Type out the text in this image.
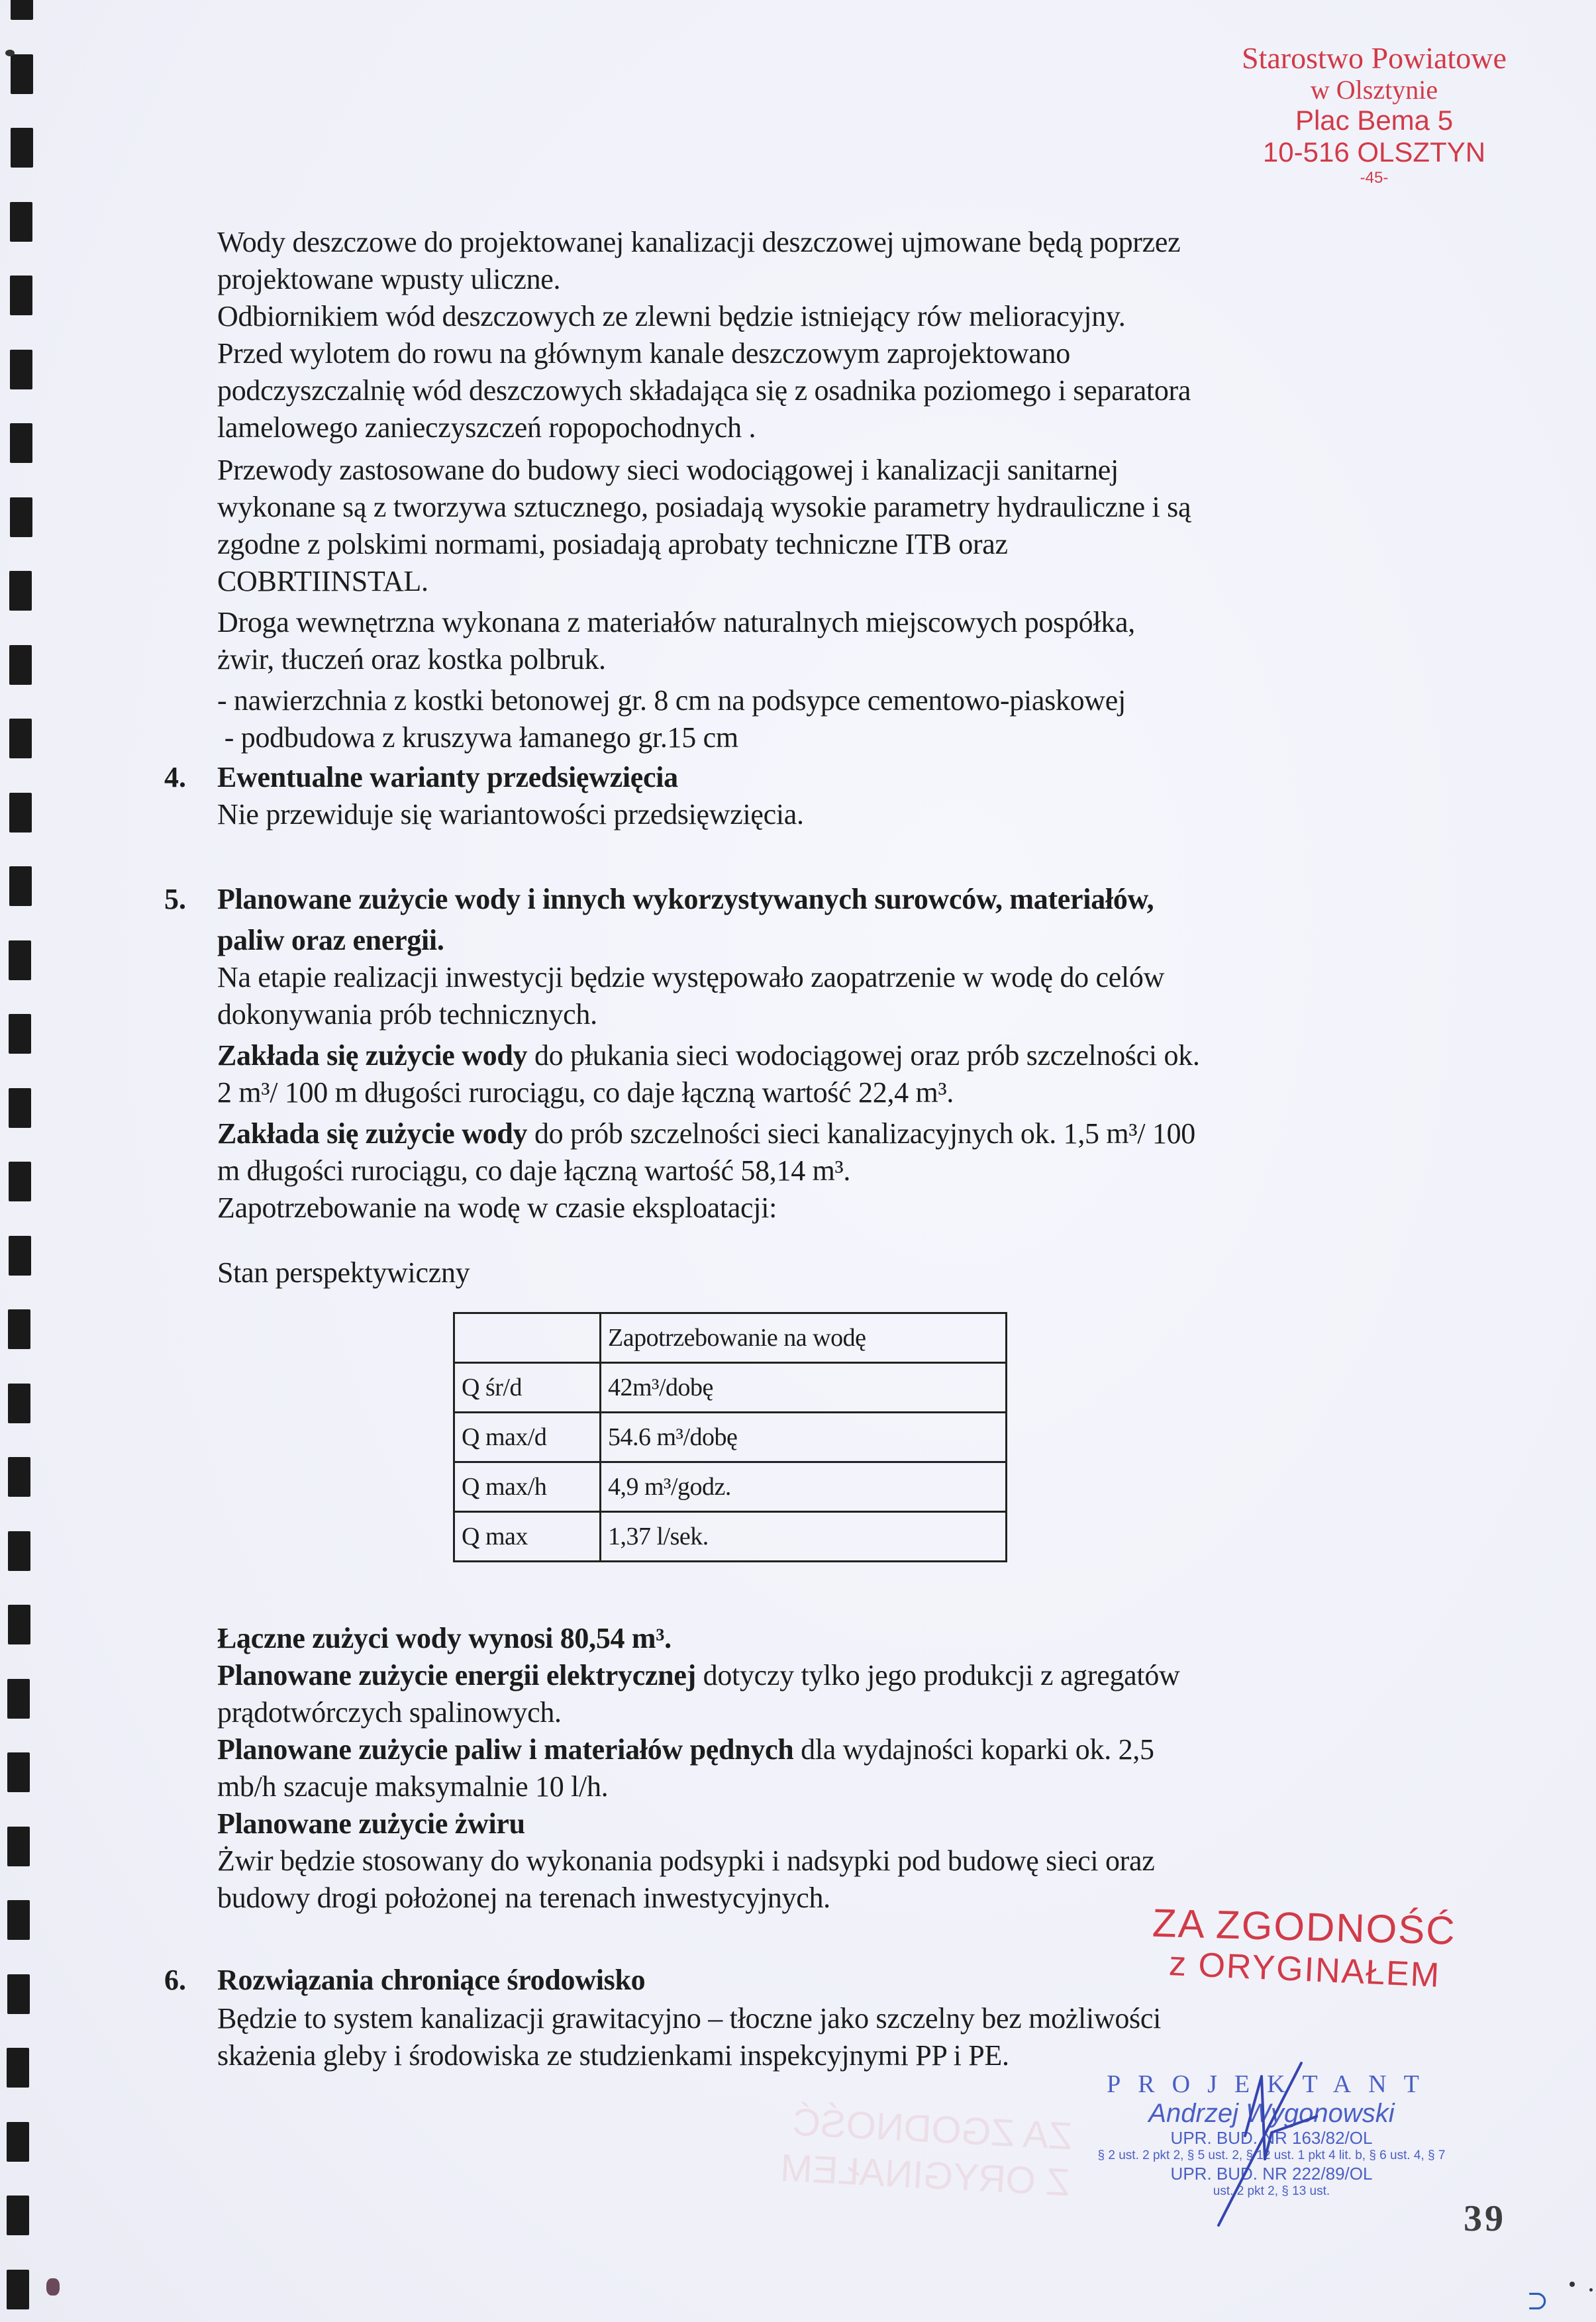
Starostwo Powiatowe
w Olsztynie
Plac Bema 5
10-516 OLSZTYN
-45-
Wody deszczowe do projektowanej kanalizacji deszczowej ujmowane będą poprzez
projektowane wpusty uliczne.
Odbiornikiem wód deszczowych ze zlewni będzie istniejący rów melioracyjny.
Przed wylotem do rowu na głównym kanale deszczowym zaprojektowano
podczyszczalnię wód deszczowych składająca się z osadnika poziomego i separatora
lamelowego zanieczyszczeń ropopochodnych .
Przewody zastosowane do budowy sieci wodociągowej i kanalizacji sanitarnej
wykonane są z tworzywa sztucznego, posiadają wysokie parametry hydrauliczne i są
zgodne z polskimi normami, posiadają aprobaty techniczne ITB oraz
COBRTIINSTAL.
Droga wewnętrzna wykonana z materiałów naturalnych miejscowych pospółka,
żwir, tłuczeń oraz kostka polbruk.
- nawierzchnia z kostki betonowej gr. 8 cm na podsypce cementowo-piaskowej
- podbudowa z kruszywa łamanego gr.15 cm
4. Ewentualne warianty przedsięwzięcia
Nie przewiduje się wariantowości przedsięwzięcia.
5. Planowane zużycie wody i innych wykorzystywanych surowców, materiałów,
paliw oraz energii.
Na etapie realizacji inwestycji będzie występowało zaopatrzenie w wodę do celów
dokonywania prób technicznych.
Zakłada się zużycie wody do płukania sieci wodociągowej oraz prób szczelności ok.
2 m³/ 100 m długości rurociągu, co daje łączną wartość 22,4 m³.
Zakłada się zużycie wody do prób szczelności sieci kanalizacyjnych ok. 1,5 m³/ 100
m długości rurociągu, co daje łączną wartość 58,14 m³.
Zapotrzebowanie na wodę w czasie eksploatacji:
Stan perspektywiczny
	Zapotrzebowanie na wodę
Q śr/d	42m³/dobę
Q max/d	54.6 m³/dobę
Q max/h	4,9 m³/godz.
Q max	1,37 l/sek.
Łączne zużyci wody wynosi 80,54 m³.
Planowane zużycie energii elektrycznej dotyczy tylko jego produkcji z agregatów
prądotwórczych spalinowych.
Planowane zużycie paliw i materiałów pędnych dla wydajności koparki ok. 2,5
mb/h szacuje maksymalnie 10 l/h.
Planowane zużycie żwiru
Żwir będzie stosowany do wykonania podsypki i nadsypki pod budowę sieci oraz
budowy drogi położonej na terenach inwestycyjnych.
6. Rozwiązania chroniące środowisko
Będzie to system kanalizacji grawitacyjno – tłoczne jako szczelny bez możliwości
skażenia gleby i środowiska ze studzienkami inspekcyjnymi PP i PE.
ZA ZGODNOŚĆ
z ORYGINAŁEM
ZA ZGODNOŚĆ
Z ORYGINAŁEM
PROJEKTANT
Andrzej Wygonowski
UPR. BUD. NR 163/82/OL
§ 2 ust. 2 pkt 2, § 5 ust. 2, § 12 ust. 1 pkt 4 lit. b, § 6 ust. 4, § 7
UPR. BUD. NR 222/89/OL
ust. 2 pkt 2, § 13 ust.
39
⊃
